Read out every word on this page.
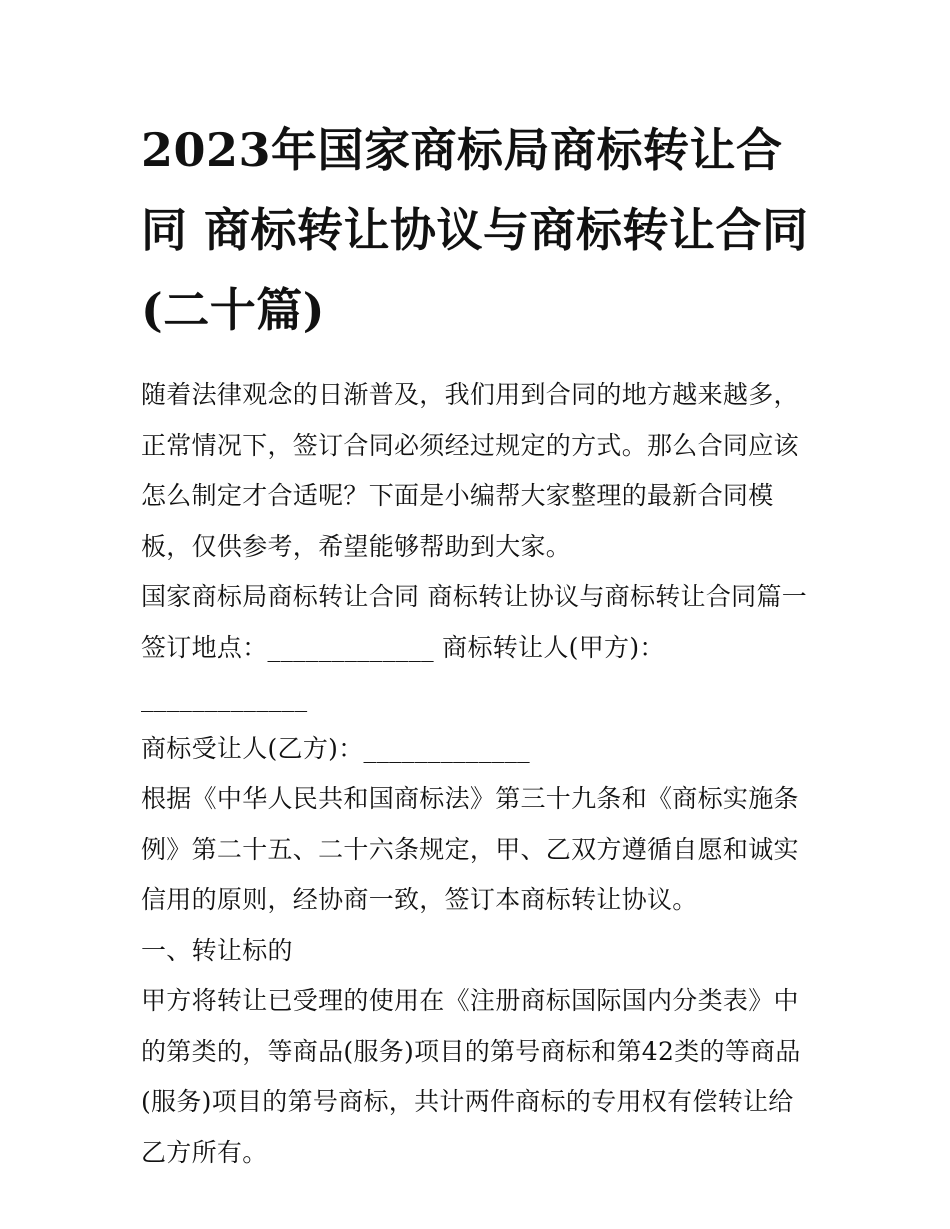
2023年国家商标局商标转让合同 商标转让协议与商标转让合同(二十篇)

随着法律观念的日渐普及，我们用到合同的地方越来越多，正常情况下，签订合同必须经过规定的方式。那么合同应该怎么制定才合适呢？下面是小编帮大家整理的最新合同模板，仅供参考，希望能够帮助到大家。

国家商标局商标转让合同 商标转让协议与商标转让合同篇一

签订地点：_____________ 商标转让人(甲方)：_____________

商标受让人(乙方)：_____________

根据《中华人民共和国商标法》第三十九条和《商标实施条例》第二十五、二十六条规定，甲、乙双方遵循自愿和诚实信用的原则，经协商一致，签订本商标转让协议。

一、转让标的

甲方将转让已受理的使用在《注册商标国际国内分类表》中的第类的，等商品(服务)项目的第号商标和第42类的等商品(服务)项目的第号商标，共计两件商标的专用权有偿转让给乙方所有。
